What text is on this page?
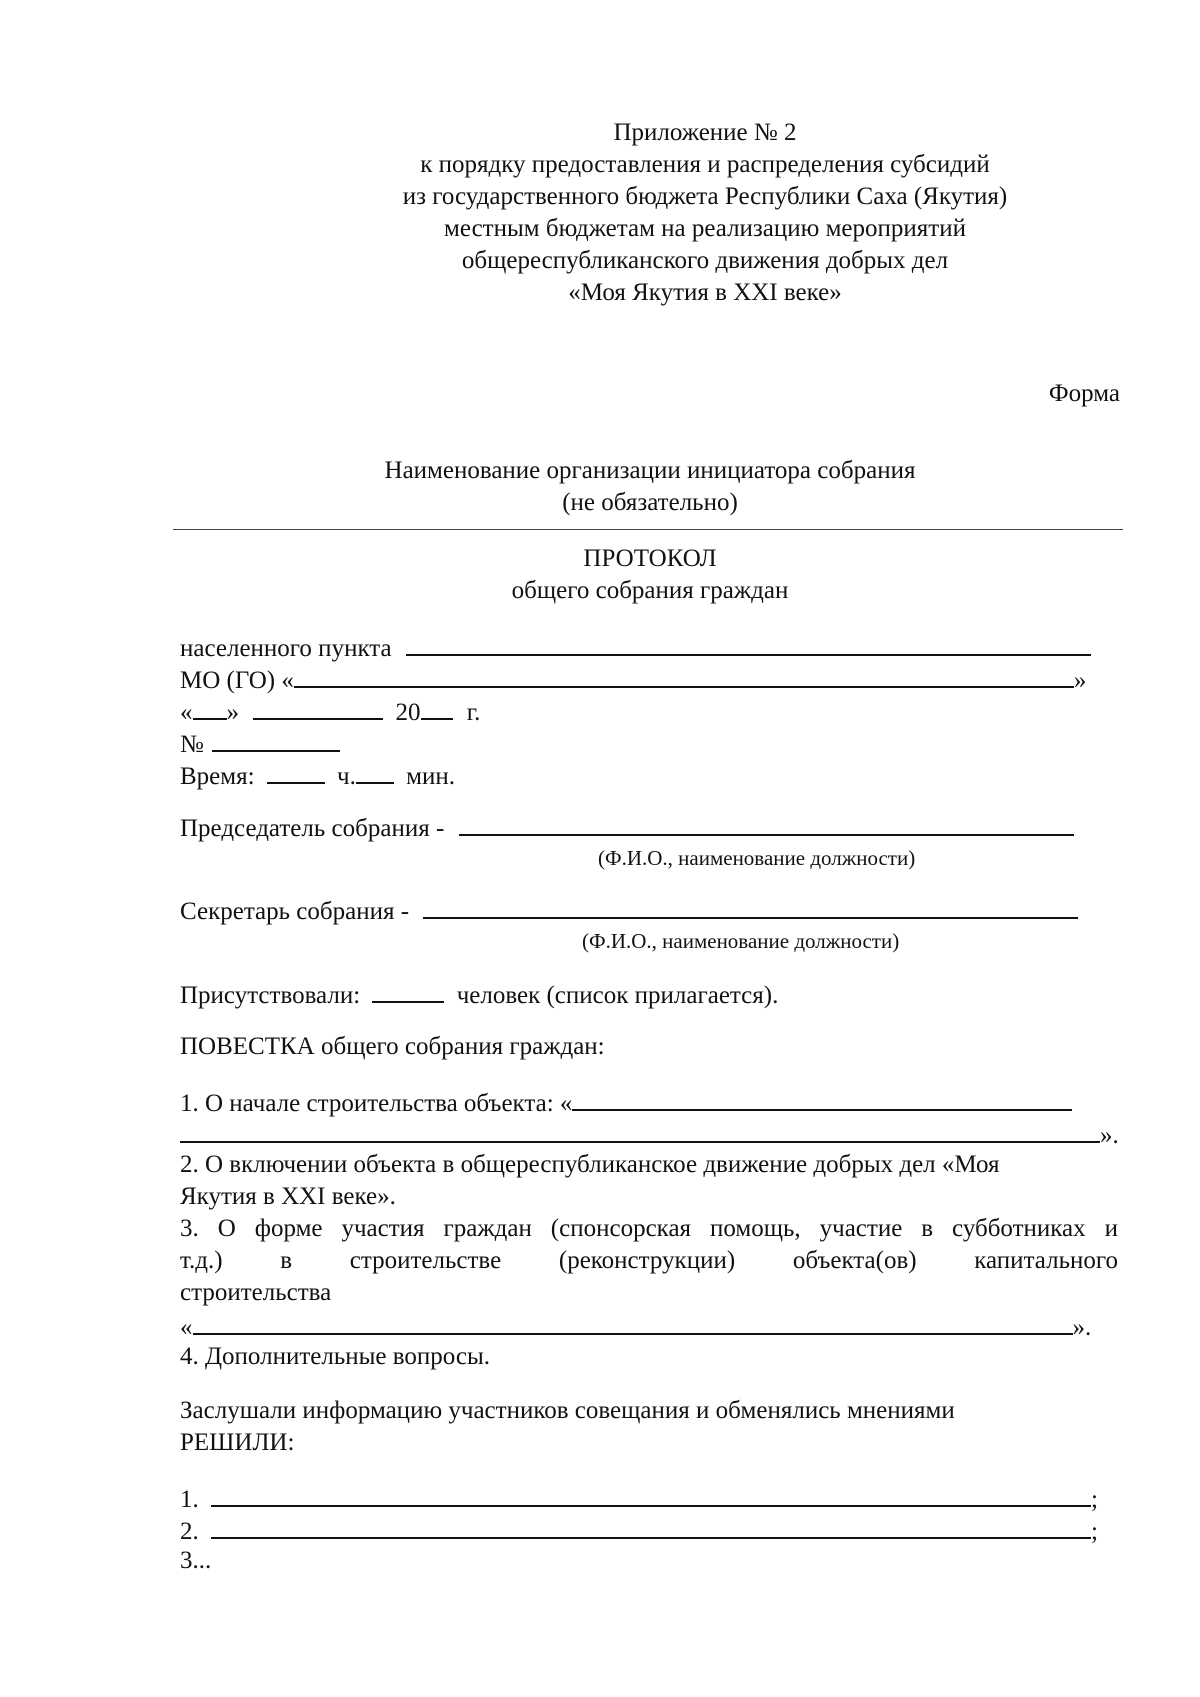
Приложение № 2
к порядку предоставления и распределения субсидий
из государственного бюджета Республики Саха (Якутия)
местным бюджетам на реализацию мероприятий
общереспубликанского движения добрых дел
«Моя Якутия в XXI веке»
Форма
Наименование организации инициатора собрания
(не обязательно)
ПРОТОКОЛ
общего собрания граждан
населенного пункта
МО (ГО) «	»
« »	20 г.
№
Время:	ч. мин.
Председатель собрания -
(Ф.И.О., наименование должности)
Секретарь собрания -
(Ф.И.О., наименование должности)
Присутствовали:	человек (список прилагается).
ПОВЕСТКА общего собрания граждан:
1. О начале строительства объекта: «
».
2. О включении объекта в общереспубликанское движение добрых дел «Моя
Якутия в XXI веке».
3. О форме участия граждан (спонсорская помощь, участие в субботниках и
т.д.) в строительстве (реконструкции) объекта(ов) капитального
строительства
«	».
4. Дополнительные вопросы.
Заслушали информацию участников совещания и обменялись мнениями
РЕШИЛИ:
1.	;
2.	;
3...
